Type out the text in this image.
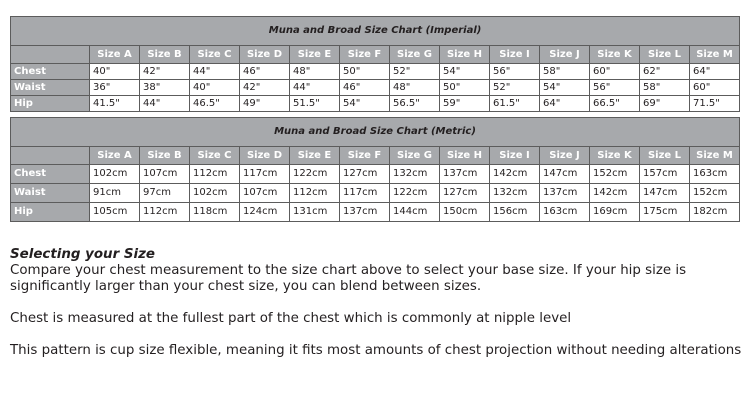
Muna and Broad Size Chart (Imperial)													
	Size A	Size B	Size C	Size D	Size E	Size F	Size G	Size H	Size I	Size J	Size K	Size L	Size M
Chest	40"	42"	44"	46"	48"	50"	52"	54"	56"	58"	60"	62"	64"
Waist	36"	38"	40"	42"	44"	46"	48"	50"	52"	54"	56"	58"	60"
Hip	41.5"	44"	46.5"	49"	51.5"	54"	56.5"	59"	61.5"	64"	66.5"	69"	71.5"
Muna and Broad Size Chart (Metric)													
	Size A	Size B	Size C	Size D	Size E	Size F	Size G	Size H	Size I	Size J	Size K	Size L	Size M
Chest	102cm	107cm	112cm	117cm	122cm	127cm	132cm	137cm	142cm	147cm	152cm	157cm	163cm
Waist	91cm	97cm	102cm	107cm	112cm	117cm	122cm	127cm	132cm	137cm	142cm	147cm	152cm
Hip	105cm	112cm	118cm	124cm	131cm	137cm	144cm	150cm	156cm	163cm	169cm	175cm	182cm

Selecting your Size

Compare your chest measurement to the size chart above to select your base size. If your hip size is significantly larger than your chest size, you can blend between sizes.

Chest is measured at the fullest part of the chest which is commonly at nipple level

This pattern is cup size flexible, meaning it fits most amounts of chest projection without needing alterations
